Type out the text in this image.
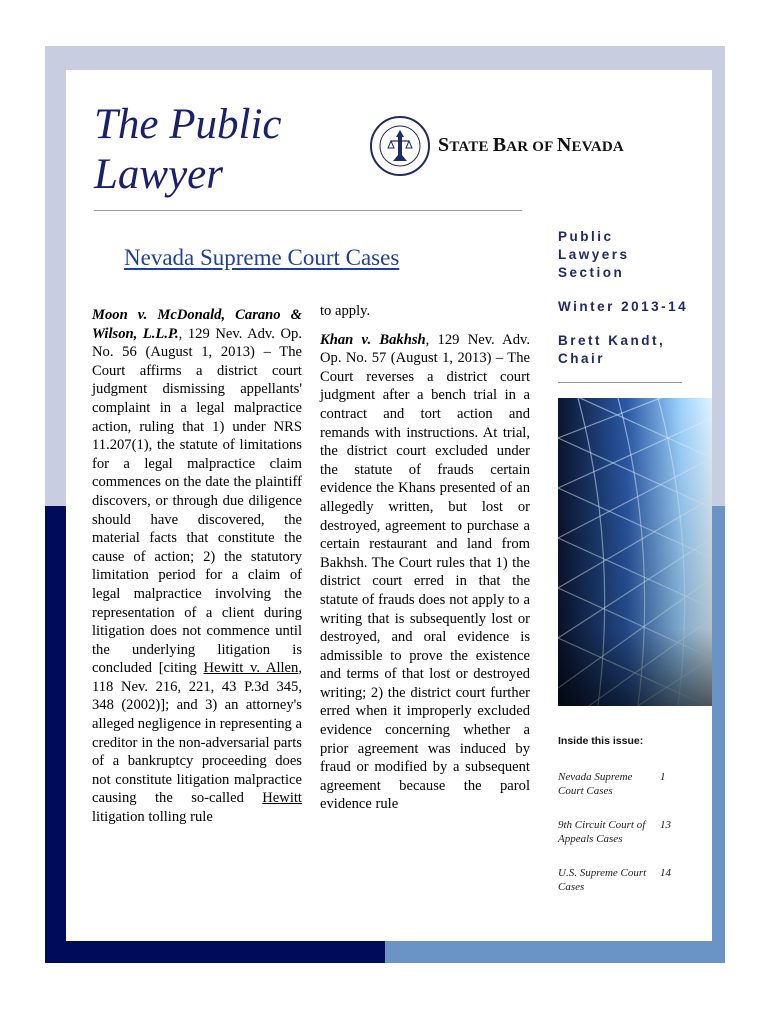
The Public Lawyer
STATE BAR OF NEVADA
Nevada Supreme Court Cases
Public Lawyers Section
Winter 2013-14
Brett Kandt, Chair
Moon v. McDonald, Carano & Wilson, L.L.P., 129 Nev. Adv. Op. No. 56 (August 1, 2013) – The Court affirms a district court judgment dismissing appellants' complaint in a legal malpractice action, ruling that 1) under NRS 11.207(1), the statute of limitations for a legal malpractice claim commences on the date the plaintiff discovers, or through due diligence should have discovered, the material facts that constitute the cause of action; 2) the statutory limitation period for a claim of legal malpractice involving the representation of a client during litigation does not commence until the underlying litigation is concluded [citing Hewitt v. Allen, 118 Nev. 216, 221, 43 P.3d 345, 348 (2002)]; and 3) an attorney's alleged negligence in representing a creditor in the non-adversarial parts of a bankruptcy proceeding does not constitute litigation malpractice causing the so-called Hewitt litigation tolling rule

to apply.

Khan v. Bakhsh, 129 Nev. Adv. Op. No. 57 (August 1, 2013) – The Court reverses a district court judgment after a bench trial in a contract and tort action and remands with instructions. At trial, the district court excluded under the statute of frauds certain evidence the Khans presented of an allegedly written, but lost or destroyed, agreement to purchase a certain restaurant and land from Bakhsh. The Court rules that 1) the district court erred in that the statute of frauds does not apply to a writing that is subsequently lost or destroyed, and oral evidence is admissible to prove the existence and terms of that lost or destroyed writing; 2) the district court further erred when it improperly excluded evidence concerning whether a prior agreement was induced by fraud or modified by a subsequent agreement because the parol evidence rule
Inside this issue:
Nevada Supreme Court Cases
1
9th Circuit Court of Appeals Cases
13
U.S. Supreme Court Cases
14
